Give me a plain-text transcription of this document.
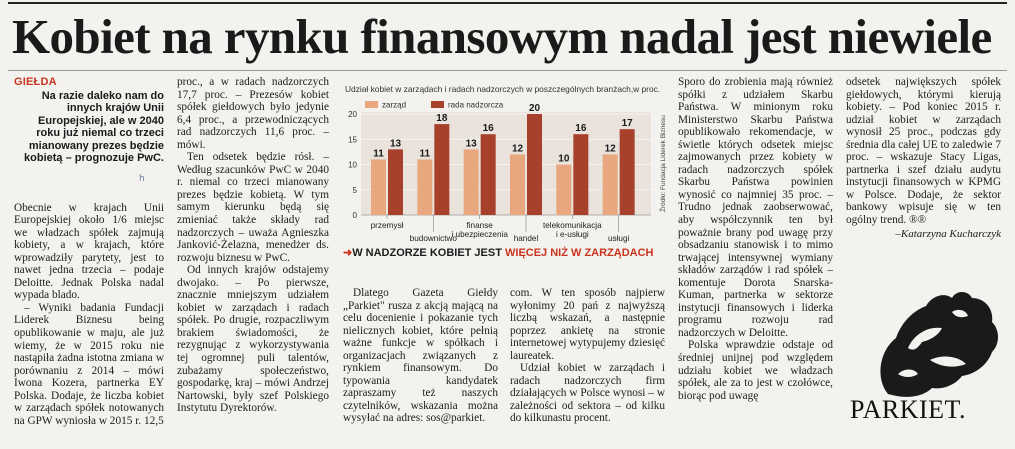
Kobiet na rynku finansowym nadal jest niewiele
GIEŁDA
Na razie daleko nam do innych krajów Unii Europejskiej, ale w 2040 roku już niemal co trzeci mianowany prezes będzie kobietą – prognozuje PwC.
h

Obecnie w krajach Unii Europejskiej około 1/6 miejsc we władzach spółek zajmują kobiety, a w krajach, które wprowadziły parytety, jest to nawet jedna trzecia – podaje Deloitte. Jednak Polska nadal wypada blado.

– Wyniki badania Fundacji Liderek Biznesu being opublikowanie w maju, ale już wiemy, że w 2015 roku nie nastąpiła żadna istotna zmiana w porównaniu z 2014 – mówi Iwona Kozera, partnerka EY Polska. Dodaje, że liczba kobiet w zarządach spółek notowanych na GPW wyniosła w 2015 r. 12,5

proc., a w radach nadzorczych 17,7 proc. – Prezesów kobiet spółek giełdowych było jedynie 6,4 proc., a przewodniczących rad nadzorczych 11,6 proc. – mówi.

Ten odsetek będzie rósł. – Według szacunków PwC w 2040 r. niemal co trzeci mianowany prezes będzie kobietą. W tym samym kierunku będą się zmieniać także składy rad nadzorczych – uważa Agnieszka Janković-Żelazna, menedżer ds. rozwoju biznesu w PwC.

Od innych krajów odstajemy dwojako. – Po pierwsze, znacznie mniejszym udziałem kobiet w zarządach i radach spółek. Po drugie, rozpaczliwym brakiem świadomości, że rezygnując z wykorzystywania tej ogromnej puli talentów, zubażamy społeczeństwo, gospodarkę, kraj – mówi Andrzej Nartowski, były szef Polskiego Instytutu Dyrektorów.

Udział kobiet w zarządach i radach nadzorczych w poszczególnych branżach,w proc.
0
5
10
15
20
zarząd	rada nadzorcza
11
13
przemysł
11
18
budownictwo
13
16
finanse
i ubezpieczenia
12
20
handel
10
16
telekomunikacja
i e-usługi
12
17
usługi
Źródło: Fundacja Liderek Biznesu
➜W NADZORZE KOBIET JEST WIĘCEJ NIŻ W ZARZĄDACH

Dlatego Gazeta Giełdy „Parkiet" rusza z akcją mającą na celu docenienie i pokazanie tych nielicznych kobiet, które pełnią ważne funkcje w spółkach i organizacjach związanych z rynkiem finansowym. Do typowania kandydatek zapraszamy też naszych czytelników, wskazania można wysyłać na adres: sos@parkiet.

com. W ten sposób najpierw wyłonimy 20 pań z najwyższą liczbą wskazań, a następnie poprzez ankietę na stronie internetowej wytypujemy dziesięć laureatek.

Udział kobiet w zarządach i radach nadzorczych firm działających w Polsce wynosi – w zależności od sektora – od kilku do kilkunastu procent.

Sporo do zrobienia mają również spółki z udziałem Skarbu Państwa. W minionym roku Ministerstwo Skarbu Państwa opublikowało rekomendacje, w świetle których odsetek miejsc zajmowanych przez kobiety w radach nadzorczych spółek Skarbu Państwa powinien wynosić co najmniej 35 proc. – Trudno jednak zaobserwować, aby współczynnik ten był poważnie brany pod uwagę przy obsadzaniu stanowisk i to mimo trwającej intensywnej wymiany składów zarządów i rad spółek – komentuje Dorota Snarska-Kuman, partnerka w sektorze instytucji finansowych i liderka programu rozwoju rad nadzorczych w Deloitte.

Polska wprawdzie odstaje od średniej unijnej pod względem udziału kobiet we władzach spółek, ale za to jest w czołówce, biorąc pod uwagę

odsetek największych spółek giełdowych, którymi kierują kobiety. – Pod koniec 2015 r. udział kobiet w zarządach wynosił 25 proc., podczas gdy średnia dla całej UE to zaledwie 7 proc. – wskazuje Stacy Ligas, partnerka i szef działu audytu instytucji finansowych w KPMG w Polsce. Dodaje, że sektor bankowy wpisuje się w ten ogólny trend. ®®

–Katarzyna Kucharczyk
PARKIET.
